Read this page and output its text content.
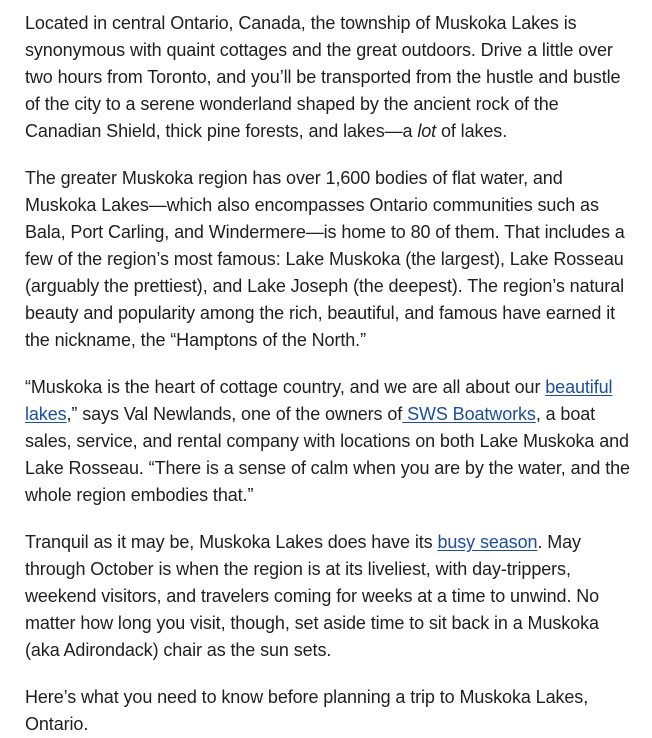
Located in central Ontario, Canada, the township of Muskoka Lakes is synonymous with quaint cottages and the great outdoors. Drive a little over two hours from Toronto, and you’ll be transported from the hustle and bustle of the city to a serene wonderland shaped by the ancient rock of the Canadian Shield, thick pine forests, and lakes—a lot of lakes.

The greater Muskoka region has over 1,600 bodies of flat water, and Muskoka Lakes—which also encompasses Ontario communities such as Bala, Port Carling, and Windermere—is home to 80 of them. That includes a few of the region’s most famous: Lake Muskoka (the largest), Lake Rosseau (arguably the prettiest), and Lake Joseph (the deepest). The region’s natural beauty and popularity among the rich, beautiful, and famous have earned it the nickname, the “Hamptons of the North.”

“Muskoka is the heart of cottage country, and we are all about our beautiful lakes,” says Val Newlands, one of the owners of SWS Boatworks, a boat sales, service, and rental company with locations on both Lake Muskoka and Lake Rosseau. “There is a sense of calm when you are by the water, and the whole region embodies that.”

Tranquil as it may be, Muskoka Lakes does have its busy season. May through October is when the region is at its liveliest, with day-trippers, weekend visitors, and travelers coming for weeks at a time to unwind. No matter how long you visit, though, set aside time to sit back in a Muskoka (aka Adirondack) chair as the sun sets.

Here’s what you need to know before planning a trip to Muskoka Lakes, Ontario.
